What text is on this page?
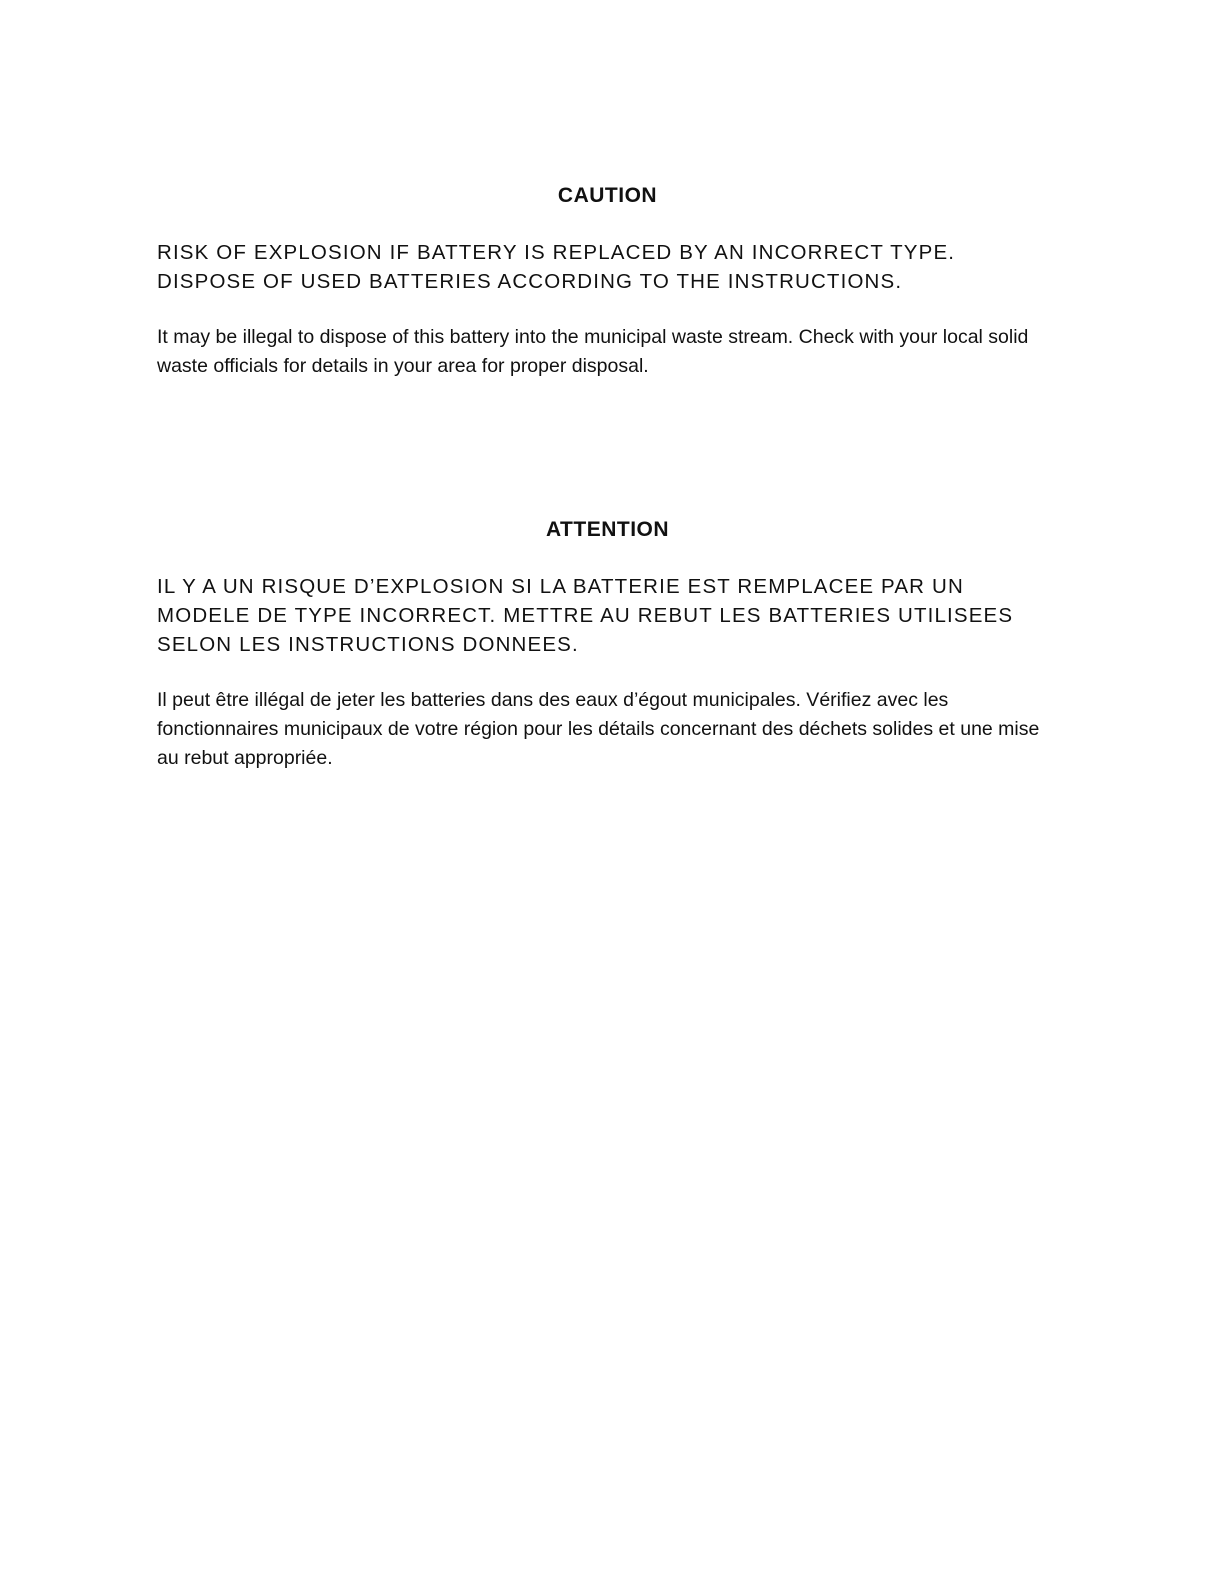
CAUTION

RISK OF EXPLOSION IF BATTERY IS REPLACED BY AN INCORRECT TYPE. DISPOSE OF USED BATTERIES ACCORDING TO THE INSTRUCTIONS.

It may be illegal to dispose of this battery into the municipal waste stream. Check with your local solid waste officials for details in your area for proper disposal.

ATTENTION

IL Y A UN RISQUE D’EXPLOSION SI LA BATTERIE EST REMPLACEE PAR UN MODELE DE TYPE INCORRECT. METTRE AU REBUT LES BATTERIES UTILISEES SELON LES INSTRUCTIONS DONNEES.

Il peut être illégal de jeter les batteries dans des eaux d’égout municipales. Vérifiez avec les fonctionnaires municipaux de votre région pour les détails concernant des déchets solides et une mise au rebut appropriée.
